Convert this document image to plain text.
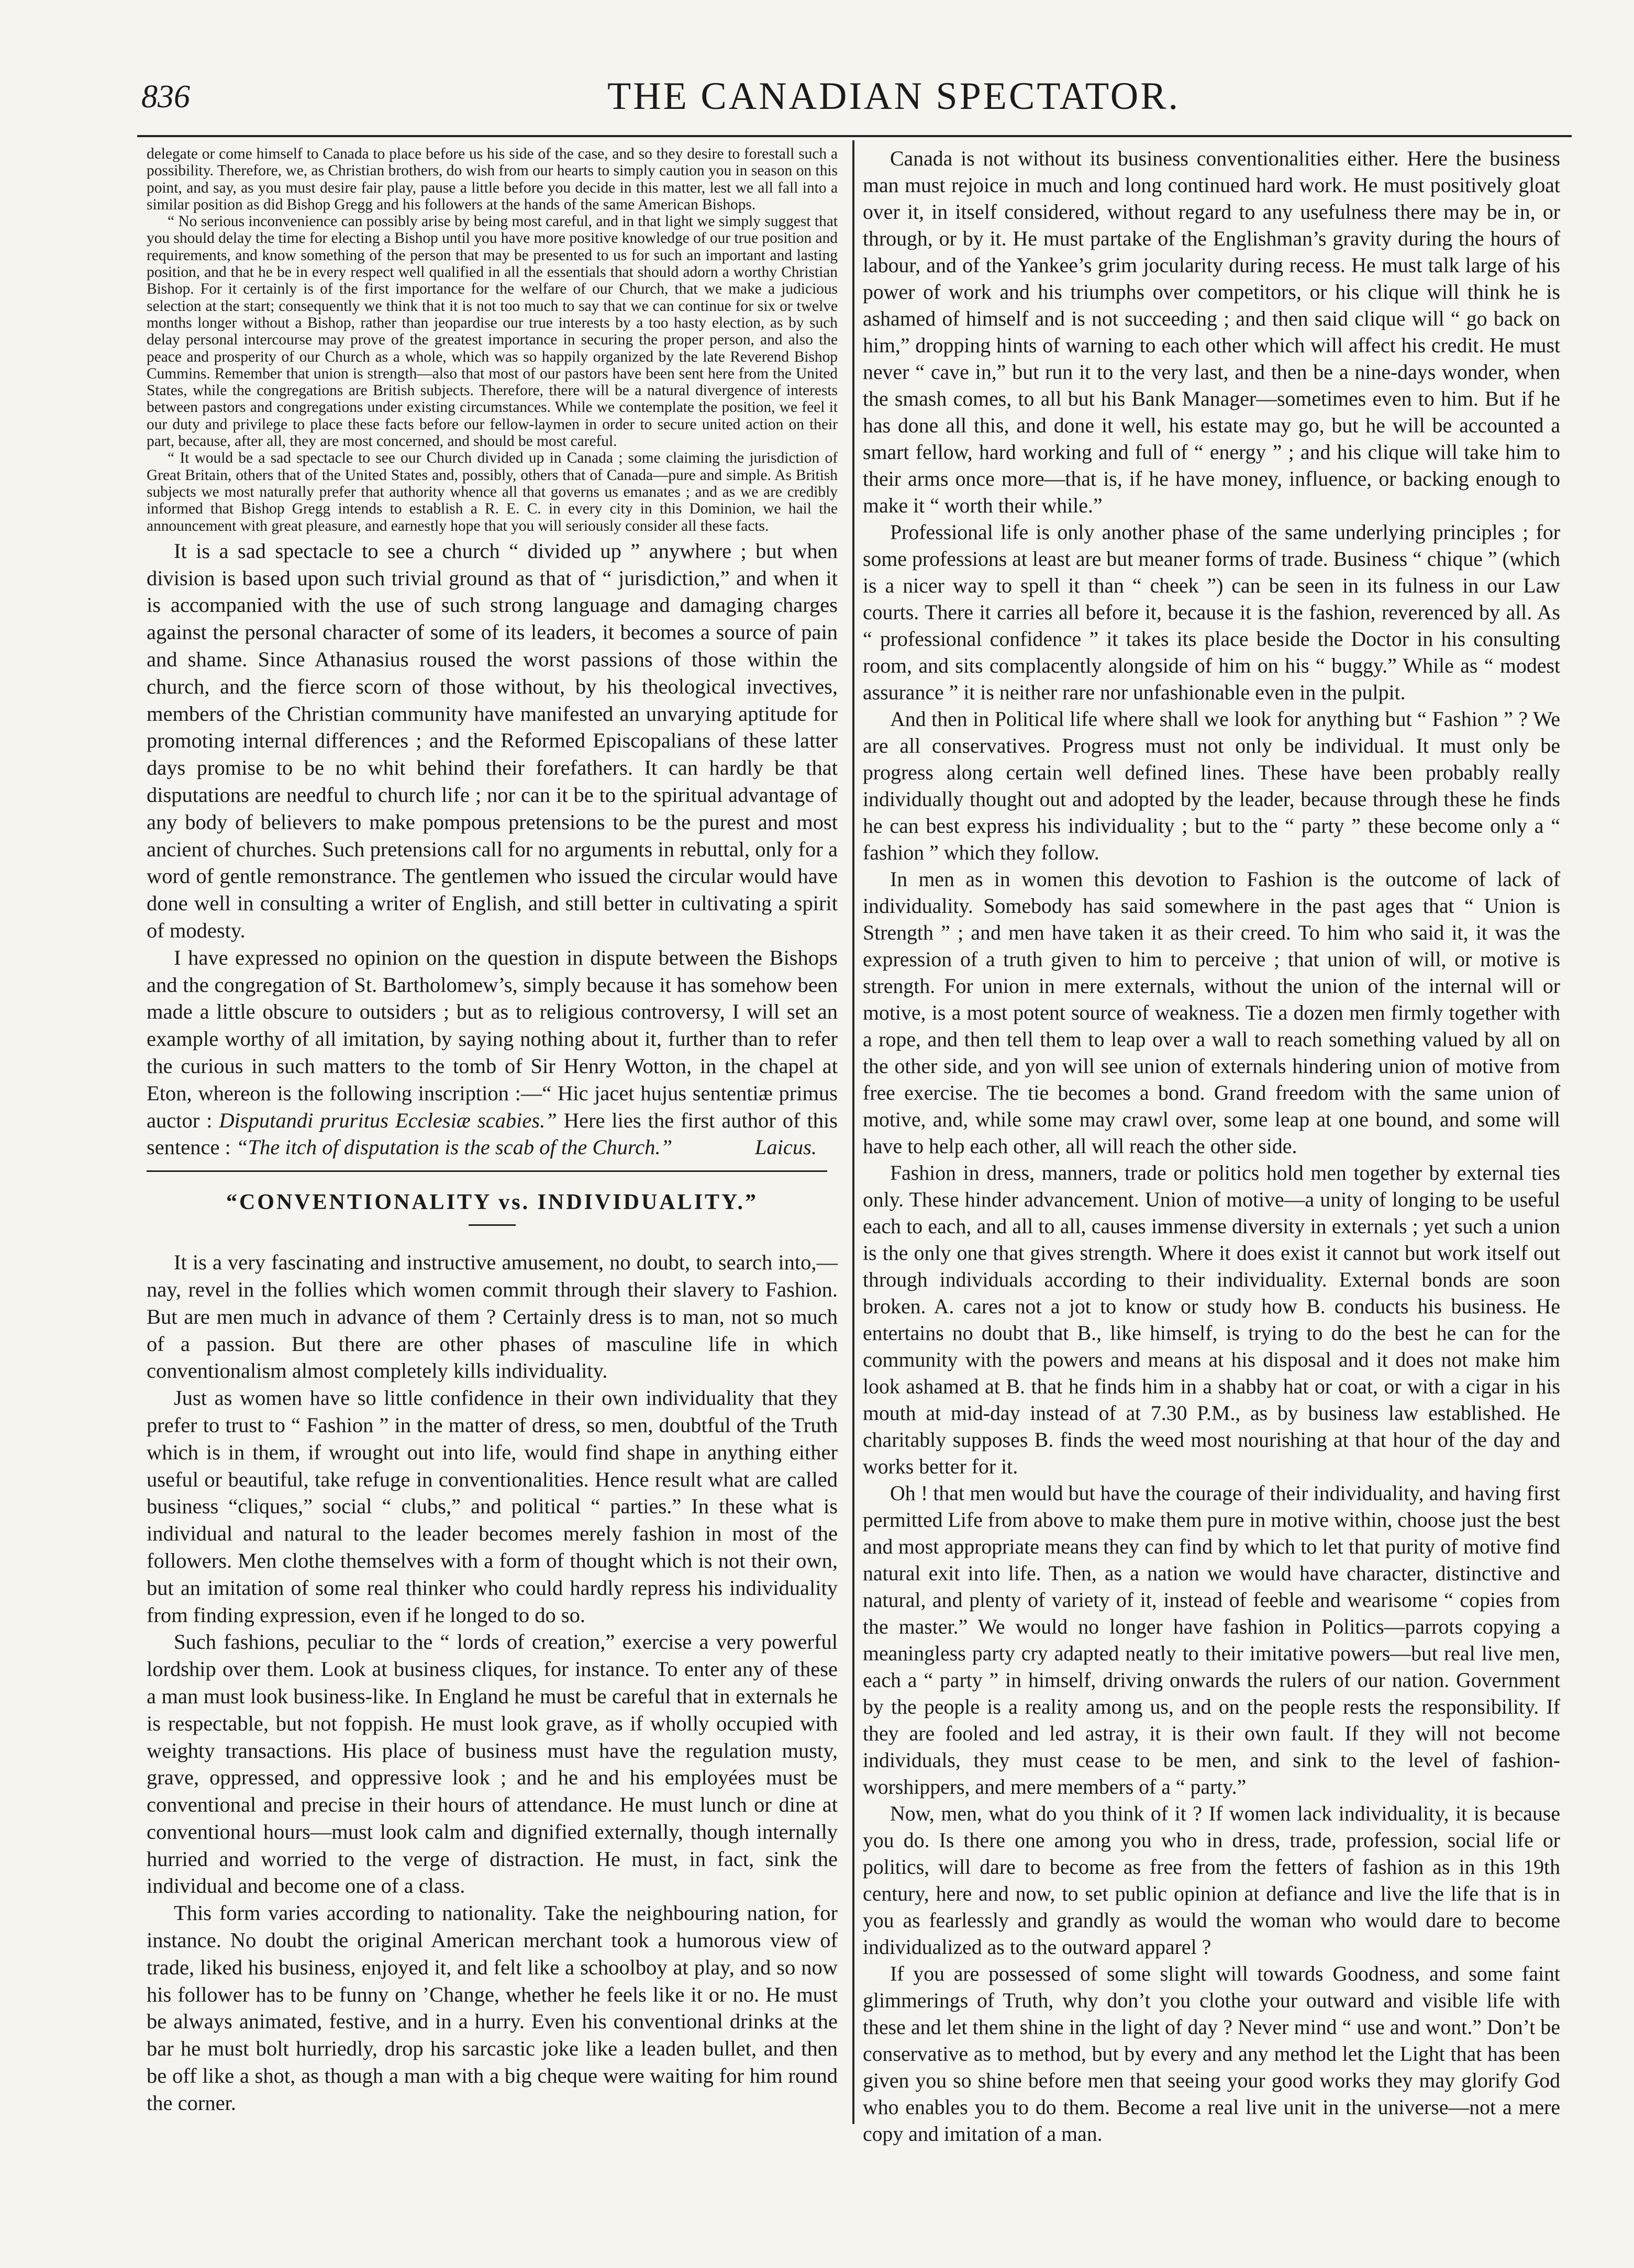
836	THE CANADIAN SPECTATOR.
delegate or come himself to Canada to place before us his side of the case, and so they desire to forestall such a possibility. Therefore, we, as Christian brothers, do wish from our hearts to simply caution you in season on this point, and say, as you must desire fair play, pause a little before you decide in this matter, lest we all fall into a similar position as did Bishop Gregg and his followers at the hands of the same American Bishops.
“ No serious inconvenience can possibly arise by being most careful, and in that light we simply suggest that you should delay the time for electing a Bishop until you have more positive knowledge of our true position and requirements, and know something of the person that may be presented to us for such an important and lasting position, and that he be in every respect well qualified in all the essentials that should adorn a worthy Christian Bishop. For it certainly is of the first importance for the welfare of our Church, that we make a judicious selection at the start; consequently we think that it is not too much to say that we can continue for six or twelve months longer without a Bishop, rather than jeopardise our true interests by a too hasty election, as by such delay personal intercourse may prove of the greatest importance in securing the proper person, and also the peace and prosperity of our Church as a whole, which was so happily organized by the late Reverend Bishop Cummins. Remember that union is strength—also that most of our pastors have been sent here from the United States, while the congregations are British subjects. Therefore, there will be a natural divergence of interests between pastors and congregations under existing circumstances. While we contemplate the position, we feel it our duty and privilege to place these facts before our fellow-laymen in order to secure united action on their part, because, after all, they are most concerned, and should be most careful.
“ It would be a sad spectacle to see our Church divided up in Canada ; some claiming the jurisdiction of Great Britain, others that of the United States and, possibly, others that of Canada—pure and simple. As British subjects we most naturally prefer that authority whence all that governs us emanates ; and as we are credibly informed that Bishop Gregg intends to establish a R. E. C. in every city in this Dominion, we hail the announcement with great pleasure, and earnestly hope that you will seriously consider all these facts.

It is a sad spectacle to see a church “ divided up ” anywhere ; but when division is based upon such trivial ground as that of “ jurisdiction,” and when it is accompanied with the use of such strong language and damaging charges against the personal character of some of its leaders, it becomes a source of pain and shame. Since Athanasius roused the worst passions of those within the church, and the fierce scorn of those without, by his theological invectives, members of the Christian community have manifested an unvarying aptitude for promoting internal differences ; and the Reformed Episcopalians of these latter days promise to be no whit behind their forefathers. It can hardly be that disputations are needful to church life ; nor can it be to the spiritual advantage of any body of believers to make pompous pretensions to be the purest and most ancient of churches. Such pretensions call for no arguments in rebuttal, only for a word of gentle remonstrance. The gentlemen who issued the circular would have done well in consulting a writer of English, and still better in cultivating a spirit of modesty.

I have expressed no opinion on the question in dispute between the Bishops and the congregation of St. Bartholomew’s, simply because it has somehow been made a little obscure to outsiders ; but as to religious controversy, I will set an example worthy of all imitation, by saying nothing about it, further than to refer the curious in such matters to the tomb of Sir Henry Wotton, in the chapel at Eton, whereon is the following inscription :—“ Hic jacet hujus sententiæ primus auctor : Disputandi pruritus Ecclesiæ scabies.” Here lies the first author of this sentence : “The itch of disputation is the scab of the Church.”	Laicus.

“CONVENTIONALITY vs. INDIVIDUALITY.”

It is a very fascinating and instructive amusement, no doubt, to search into,—nay, revel in the follies which women commit through their slavery to Fashion. But are men much in advance of them ? Certainly dress is to man, not so much of a passion. But there are other phases of masculine life in which conventionalism almost completely kills individuality.

Just as women have so little confidence in their own individuality that they prefer to trust to “ Fashion ” in the matter of dress, so men, doubtful of the Truth which is in them, if wrought out into life, would find shape in anything either useful or beautiful, take refuge in conventionalities. Hence result what are called business “cliques,” social “ clubs,” and political “ parties.” In these what is individual and natural to the leader becomes merely fashion in most of the followers. Men clothe themselves with a form of thought which is not their own, but an imitation of some real thinker who could hardly repress his individuality from finding expression, even if he longed to do so.

Such fashions, peculiar to the “ lords of creation,” exercise a very powerful lordship over them. Look at business cliques, for instance. To enter any of these a man must look business-like. In England he must be careful that in externals he is respectable, but not foppish. He must look grave, as if wholly occupied with weighty transactions. His place of business must have the regulation musty, grave, oppressed, and oppressive look ; and he and his employées must be conventional and precise in their hours of attendance. He must lunch or dine at conventional hours—must look calm and dignified externally, though internally hurried and worried to the verge of distraction. He must, in fact, sink the individual and become one of a class.

This form varies according to nationality. Take the neighbouring nation, for instance. No doubt the original American merchant took a humorous view of trade, liked his business, enjoyed it, and felt like a schoolboy at play, and so now his follower has to be funny on ’Change, whether he feels like it or no. He must be always animated, festive, and in a hurry. Even his conventional drinks at the bar he must bolt hurriedly, drop his sarcastic joke like a leaden bullet, and then be off like a shot, as though a man with a big cheque were waiting for him round the corner.

Canada is not without its business conventionalities either. Here the business man must rejoice in much and long continued hard work. He must positively gloat over it, in itself considered, without regard to any usefulness there may be in, or through, or by it. He must partake of the Englishman’s gravity during the hours of labour, and of the Yankee’s grim jocularity during recess. He must talk large of his power of work and his triumphs over competitors, or his clique will think he is ashamed of himself and is not succeeding ; and then said clique will “ go back on him,” dropping hints of warning to each other which will affect his credit. He must never “ cave in,” but run it to the very last, and then be a nine-days wonder, when the smash comes, to all but his Bank Manager—sometimes even to him. But if he has done all this, and done it well, his estate may go, but he will be accounted a smart fellow, hard working and full of “ energy ” ; and his clique will take him to their arms once more—that is, if he have money, influence, or backing enough to make it “ worth their while.”

Professional life is only another phase of the same underlying principles ; for some professions at least are but meaner forms of trade. Business “ chique ” (which is a nicer way to spell it than “ cheek ”) can be seen in its fulness in our Law courts. There it carries all before it, because it is the fashion, reverenced by all. As “ professional confidence ” it takes its place beside the Doctor in his consulting room, and sits complacently alongside of him on his “ buggy.” While as “ modest assurance ” it is neither rare nor unfashionable even in the pulpit.

And then in Political life where shall we look for anything but “ Fashion ” ? We are all conservatives. Progress must not only be individual. It must only be progress along certain well defined lines. These have been probably really individually thought out and adopted by the leader, because through these he finds he can best express his individuality ; but to the “ party ” these become only a “ fashion ” which they follow.

In men as in women this devotion to Fashion is the outcome of lack of individuality. Somebody has said somewhere in the past ages that “ Union is Strength ” ; and men have taken it as their creed. To him who said it, it was the expression of a truth given to him to perceive ; that union of will, or motive is strength. For union in mere externals, without the union of the internal will or motive, is a most potent source of weakness. Tie a dozen men firmly together with a rope, and then tell them to leap over a wall to reach something valued by all on the other side, and yon will see union of externals hindering union of motive from free exercise. The tie becomes a bond. Grand freedom with the same union of motive, and, while some may crawl over, some leap at one bound, and some will have to help each other, all will reach the other side.

Fashion in dress, manners, trade or politics hold men together by external ties only. These hinder advancement. Union of motive—a unity of longing to be useful each to each, and all to all, causes immense diversity in externals ; yet such a union is the only one that gives strength. Where it does exist it cannot but work itself out through individuals according to their individuality. External bonds are soon broken. A. cares not a jot to know or study how B. conducts his business. He entertains no doubt that B., like himself, is trying to do the best he can for the community with the powers and means at his disposal and it does not make him look ashamed at B. that he finds him in a shabby hat or coat, or with a cigar in his mouth at mid-day instead of at 7.30 P.M., as by business law established. He charitably supposes B. finds the weed most nourishing at that hour of the day and works better for it.

Oh ! that men would but have the courage of their individuality, and having first permitted Life from above to make them pure in motive within, choose just the best and most appropriate means they can find by which to let that purity of motive find natural exit into life. Then, as a nation we would have character, distinctive and natural, and plenty of variety of it, instead of feeble and wearisome “ copies from the master.” We would no longer have fashion in Politics—parrots copying a meaningless party cry adapted neatly to their imitative powers—but real live men, each a “ party ” in himself, driving onwards the rulers of our nation. Government by the people is a reality among us, and on the people rests the responsibility. If they are fooled and led astray, it is their own fault. If they will not become individuals, they must cease to be men, and sink to the level of fashion-worshippers, and mere members of a “ party.”

Now, men, what do you think of it ? If women lack individuality, it is because you do. Is there one among you who in dress, trade, profession, social life or politics, will dare to become as free from the fetters of fashion as in this 19th century, here and now, to set public opinion at defiance and live the life that is in you as fearlessly and grandly as would the woman who would dare to become individualized as to the outward apparel ?

If you are possessed of some slight will towards Goodness, and some faint glimmerings of Truth, why don’t you clothe your outward and visible life with these and let them shine in the light of day ? Never mind “ use and wont.” Don’t be conservative as to method, but by every and any method let the Light that has been given you so shine before men that seeing your good works they may glorify God who enables you to do them. Become a real live unit in the universe—not a mere copy and imitation of a man.
